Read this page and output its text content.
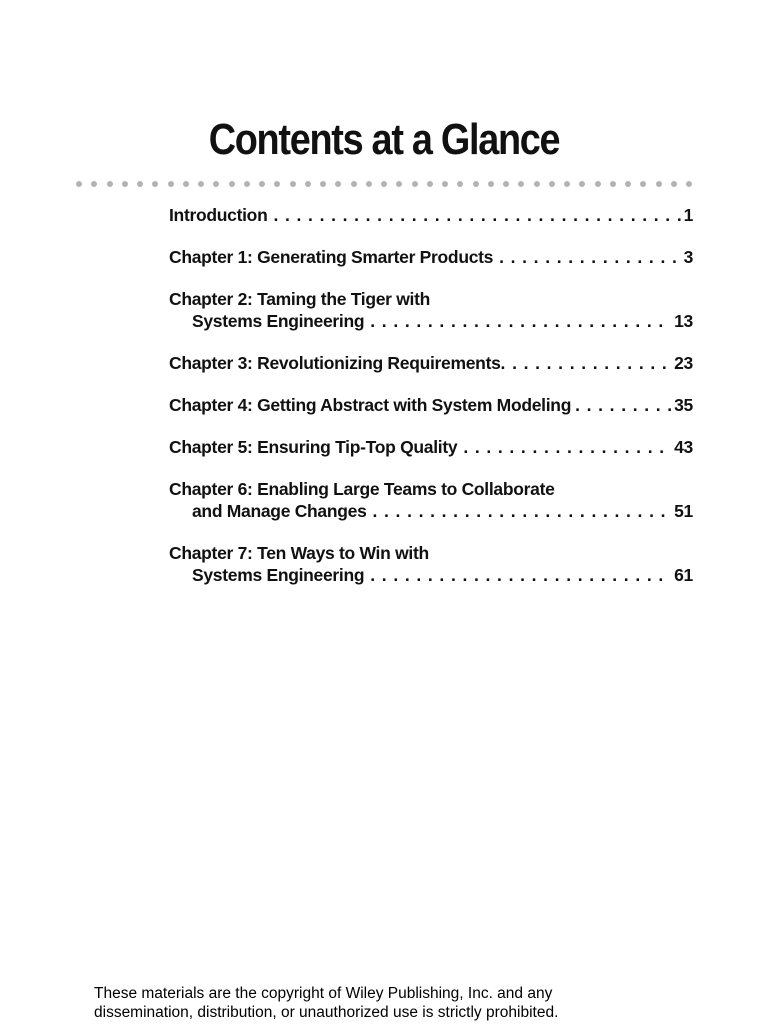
Contents at a Glance
Introduction . . .	1
Chapter 1: Generating Smarter Products . . .	3
Chapter 2: Taming the Tiger with
Systems Engineering . . .	13
Chapter 3: Revolutionizing Requirements . . .	23
Chapter 4: Getting Abstract with System Modeling . . .	35
Chapter 5: Ensuring Tip-Top Quality . . .	43
Chapter 6: Enabling Large Teams to Collaborate
and Manage Changes . . .	51
Chapter 7: Ten Ways to Win with
Systems Engineering . . .	61

These materials are the copyright of Wiley Publishing, Inc. and any
dissemination, distribution, or unauthorized use is strictly prohibited.
